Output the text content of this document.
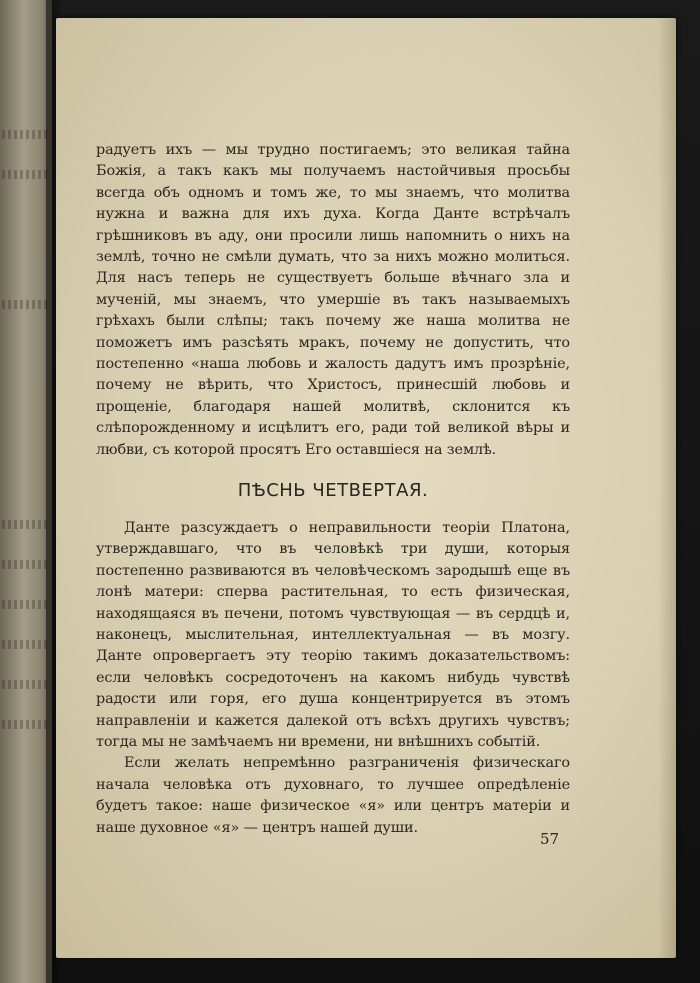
радуетъ ихъ — мы трудно постигаемъ; это великая тайна Божія, а такъ какъ мы получаемъ настойчивыя просьбы всегда объ одномъ и томъ же, то мы знаемъ, что молитва нужна и важна для ихъ духа. Когда Данте встрѣчалъ грѣшниковъ въ аду, они просили лишь напомнить о нихъ на землѣ, точно не смѣли думать, что за нихъ можно молиться. Для насъ теперь не существуетъ больше вѣчнаго зла и мученій, мы знаемъ, что умершіе въ такъ называемыхъ грѣхахъ были слѣпы; такъ почему же наша молитва не поможетъ имъ разсѣять мракъ, почему не допустить, что постепенно «наша любовь и жалость дадутъ имъ прозрѣніе, почему не вѣрить, что Христосъ, принесшій любовь и прощеніе, благодаря нашей молитвѣ, склонится къ слѣпорожденному и исцѣлитъ его, ради той великой вѣры и любви, съ которой просятъ Его оставшіеся на землѣ.

ПѢСНЬ ЧЕТВЕРТАЯ.

Данте разсуждаетъ о неправильности теоріи Платона, утверждавшаго, что въ человѣкѣ три души, которыя постепенно развиваются въ человѣческомъ зародышѣ еще въ лонѣ матери: сперва растительная, то есть физическая, находящаяся въ печени, потомъ чувствующая — въ сердцѣ и, наконецъ, мыслительная, интеллектуальная — въ мозгу. Данте опровергаетъ эту теорію такимъ доказательствомъ: если человѣкъ сосредоточенъ на какомъ нибудь чувствѣ радости или горя, его душа концентрируется въ этомъ направленіи и кажется далекой отъ всѣхъ другихъ чувствъ; тогда мы не замѣчаемъ ни времени, ни внѣшнихъ событій.

Если желать непремѣнно разграниченія физическаго начала человѣка отъ духовнаго, то лучшее опредѣленіе будетъ такое: наше физическое «я» или центръ матеріи и наше духовное «я» — центръ нашей души.

57
